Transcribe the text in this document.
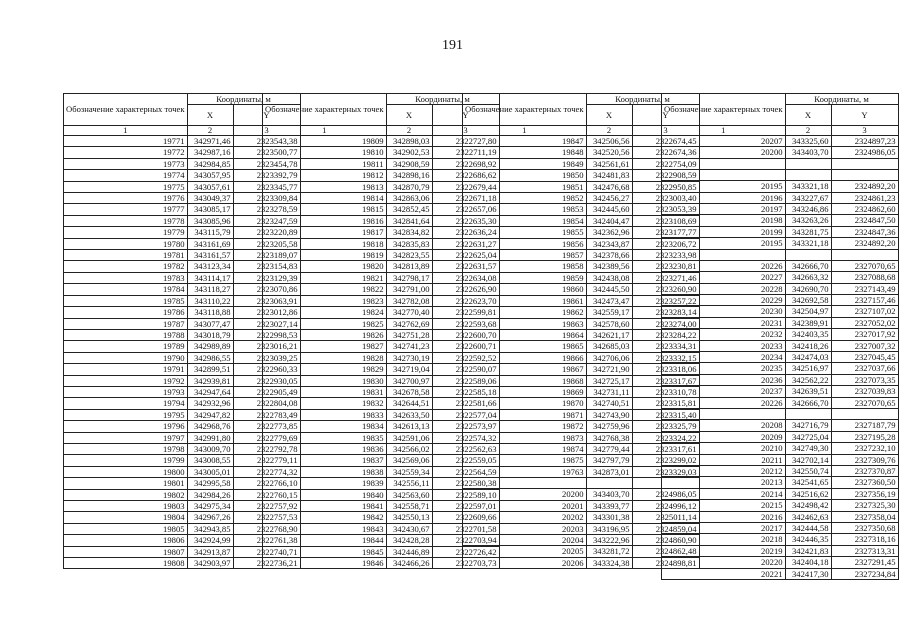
191
Обозначение характерных точек	Координаты, м	
	X	Y
1	2	3
19771	342971,46	2323543,38
19772	342987,16	2323500,77
19773	342984,85	2323454,78
19774	343057,95	2323392,79
19775	343057,61	2323345,77
19776	343049,37	2323309,84
19777	343085,17	2323278,59
19778	343085,96	2323247,59
19779	343115,79	2323220,89
19780	343161,69	2323205,58
19781	343161,57	2323189,07
19782	343123,34	2323154,83
19783	343114,17	2323129,39
19784	343118,27	2323070,86
19785	343110,22	2323063,91
19786	343118,88	2323012,86
19787	343077,47	2323027,14
19788	343018,79	2322998,53
19789	342989,89	2323016,21
19790	342986,55	2323039,25
19791	342899,51	2322960,33
19792	342939,81	2322930,05
19793	342947,64	2322905,49
19794	342932,96	2322804,08
19795	342947,82	2322783,49
19796	342968,76	2322773,85
19797	342991,80	2322779,69
19798	343009,70	2322792,78
19799	343008,55	2322779,11
19800	343005,01	2322774,32
19801	342995,58	2322766,10
19802	342984,26	2322760,15
19803	342975,34	2322757,92
19804	342967,26	2322757,53
19805	342943,85	2322768,90
19806	342924,99	2322761,38
19807	342913,87	2322740,71
19808	342903,97	2322736,21
Обозначение характерных точек	Координаты, м	
	X	Y
1	2	3
19809	342898,03	2322727,80
19810	342902,53	2322711,19
19811	342908,59	2322698,92
19812	342898,16	2322686,62
19813	342870,79	2322679,44
19814	342863,06	2322671,18
19815	342852,45	2322657,06
19816	342841,64	2322635,30
19817	342834,82	2322636,24
19818	342835,83	2322631,27
19819	342823,55	2322625,04
19820	342813,89	2322631,57
19821	342798,17	2322634,08
19822	342791,00	2322626,90
19823	342782,08	2322623,70
19824	342770,40	2322599,81
19825	342762,69	2322593,68
19826	342751,28	2322600,70
19827	342741,23	2322600,71
19828	342730,19	2322592,52
19829	342719,04	2322590,07
19830	342700,97	2322589,06
19831	342678,58	2322585,18
19832	342644,51	2322581,66
19833	342633,50	2322577,04
19834	342613,13	2322573,97
19835	342591,06	2322574,32
19836	342566,02	2322562,63
19837	342569,06	2322559,05
19838	342559,34	2322564,59
19839	342556,11	2322580,38
19840	342563,60	2322589,10
19841	342558,71	2322597,01
19842	342550,13	2322609,66
19843	342430,67	2322701,58
19844	342428,28	2322703,94
19845	342446,89	2322726,42
19846	342466,26	2322703,73
Обозначение характерных точек	Координаты, м	
	X	Y
1	2	3
19847	342506,56	2322674,45
19848	342520,56	2322674,36
19849	342561,61	2322754,09
19850	342481,83	2322908,59
19851	342476,68	2322950,85
19852	342456,27	2323003,40
19853	342445,60	2323053,39
19854	342404,47	2323108,69
19855	342362,96	2323177,77
19856	342343,87	2323206,72
19857	342378,66	2323233,98
19858	342389,56	2323230,81
19859	342438,08	2323271,46
19860	342445,50	2323260,90
19861	342473,47	2323257,22
19862	342559,17	2323283,14
19863	342578,60	2323274,00
19864	342621,17	2323284,22
19865	342685,03	2323334,31
19866	342706,06	2323332,15
19867	342721,90	2323318,06
19868	342725,17	2323317,67
19869	342731,11	2323310,78
19870	342740,51	2323315,81
19871	342743,90	2323315,40
19872	342759,96	2323325,79
19873	342768,38	2323324,22
19874	342779,44	2323317,61
19875	342797,79	2323299,02
19763	342873,01	2323329,03

20200	343403,70	2324986,05
20201	343393,77	2324996,12
20202	343301,38	2325011,14
20203	343196,95	2324859,04
20204	343222,96	2324860,90
20205	343281,72	2324862,48
20206	343324,38	2324898,81
Обозначение характерных точек	Координаты, м	
	X	Y
1	2	3
20207	343325,60	2324897,23
20200	343403,70	2324986,05

20195	343321,18	2324892,20
20196	343227,67	2324861,23
20197	343246,86	2324862,60
20198	343263,26	2324847,50
20199	343281,75	2324847,36
20195	343321,18	2324892,20

20226	342666,70	2327070,65
20227	342663,32	2327088,68
20228	342690,70	2327143,49
20229	342692,58	2327157,46
20230	342504,97	2327107,02
20231	342389,91	2327052,02
20232	342403,35	2327017,92
20233	342418,26	2327007,32
20234	342474,03	2327045,45
20235	342516,97	2327037,66
20236	342562,22	2327073,35
20237	342639,51	2327039,83
20226	342666,70	2327070,65

20208	342716,79	2327187,79
20209	342725,04	2327195,28
20210	342749,30	2327232,10
20211	342702,14	2327309,76
20212	342550,74	2327370,87
20213	342541,65	2327360,50
20214	342516,62	2327356,19
20215	342498,42	2327325,30
20216	342462,63	2327358,04
20217	342444,58	2327350,68
20218	342446,35	2327318,16
20219	342421,83	2327313,31
20220	342404,18	2327291,45
20221	342417,30	2327234,84
